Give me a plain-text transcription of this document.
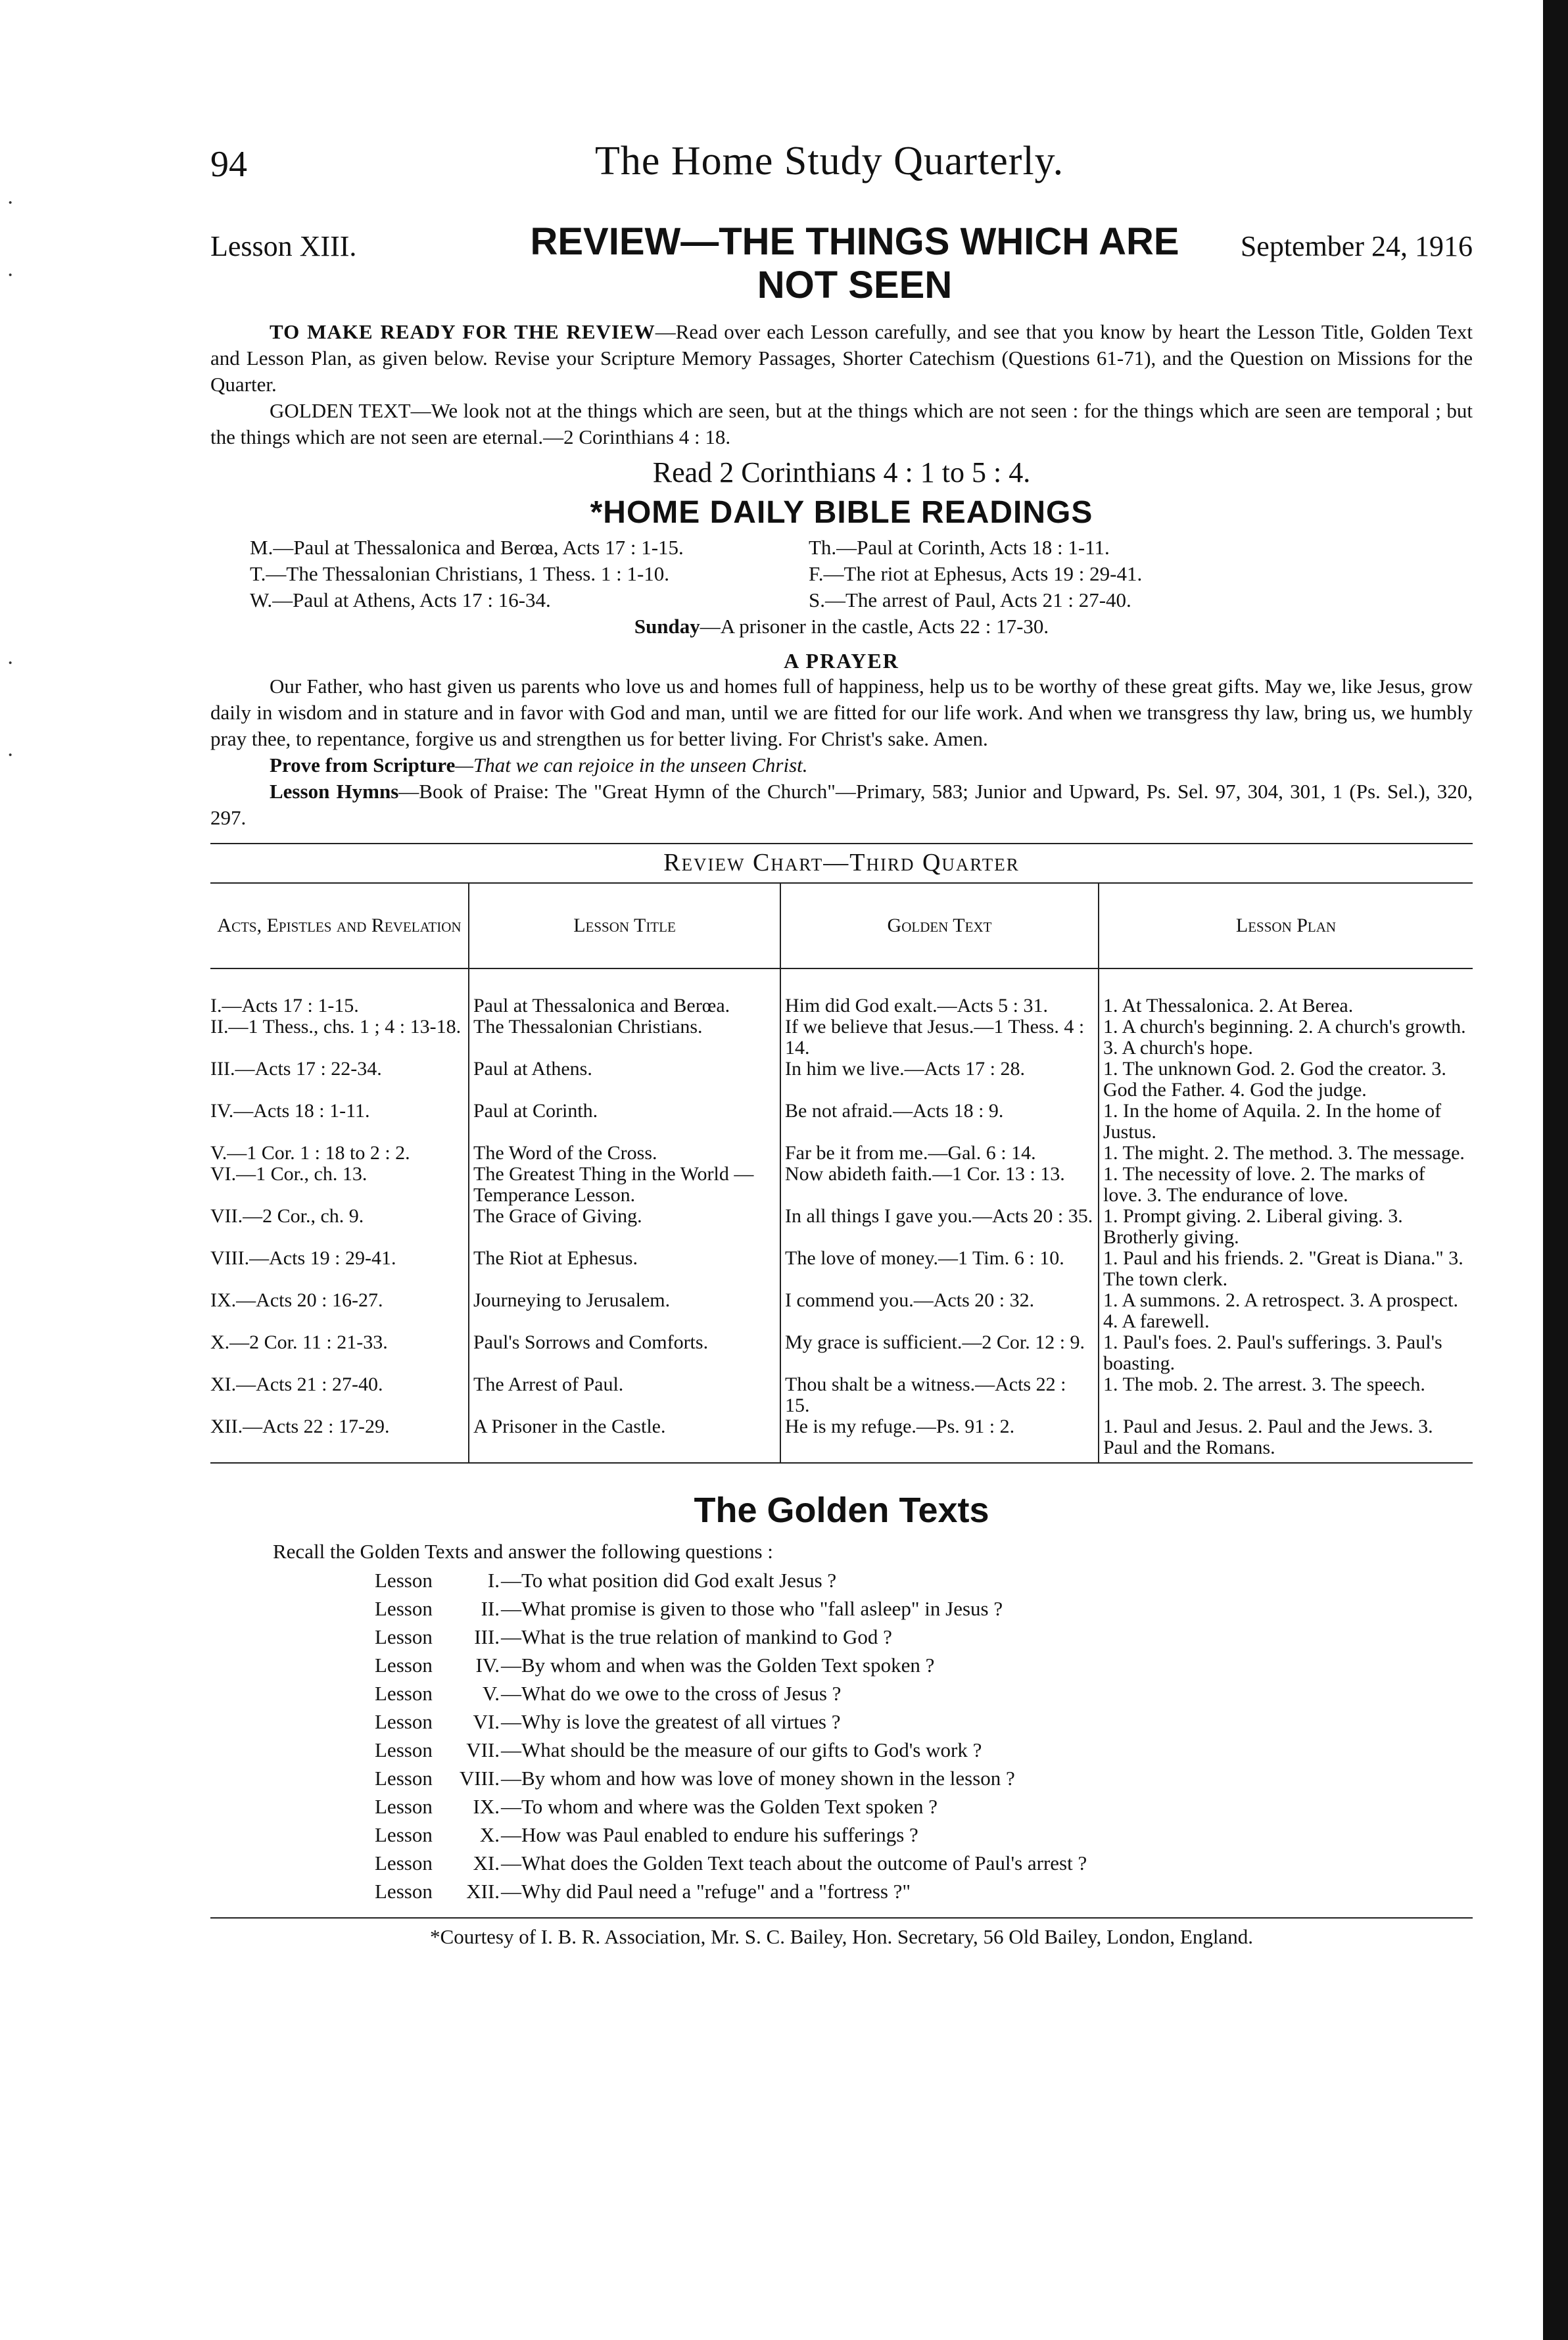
·
·
·
·
94	The Home Study Quarterly.
Lesson XIII.	REVIEW—THE THINGS WHICH ARE NOT SEEN
September 24, 1916

TO MAKE READY FOR THE REVIEW—Read over each Lesson carefully, and see that you know by heart the Lesson Title, Golden Text and Lesson Plan, as given below. Revise your Scripture Memory Passages, Shorter Catechism (Questions 61-71), and the Question on Missions for the Quarter.

GOLDEN TEXT—We look not at the things which are seen, but at the things which are not seen : for the things which are seen are temporal ; but the things which are not seen are eternal.—2 Corinthians 4 : 18.

Read 2 Corinthians 4 : 1 to 5 : 4.
*HOME DAILY BIBLE READINGS
M.—Paul at Thessalonica and Berœa, Acts 17 : 1-15.	Th.—Paul at Corinth, Acts 18 : 1-11.
T.—The Thessalonian Christians, 1 Thess. 1 : 1-10.	F.—The riot at Ephesus, Acts 19 : 29-41.
W.—Paul at Athens, Acts 17 : 16-34.	S.—The arrest of Paul, Acts 21 : 27-40.
Sunday—A prisoner in the castle, Acts 22 : 17-30.
A PRAYER

Our Father, who hast given us parents who love us and homes full of happiness, help us to be worthy of these great gifts. May we, like Jesus, grow daily in wisdom and in stature and in favor with God and man, until we are fitted for our life work. And when we transgress thy law, bring us, we humbly pray thee, to repentance, forgive us and strengthen us for better living. For Christ's sake. Amen.

Prove from Scripture—That we can rejoice in the unseen Christ.

Lesson Hymns—Book of Praise: The "Great Hymn of the Church"—Primary, 583; Junior and Upward, Ps. Sel. 97, 304, 301, 1 (Ps. Sel.), 320, 297.

Review Chart—Third Quarter
Acts, Epistles and Revelation	Lesson Title	Golden Text	Lesson Plan

I.—Acts 17 : 1-15.	Paul at Thessalonica and Berœa.	Him did God exalt.—Acts 5 : 31.	1. At Thessalonica. 2. At Berea.
II.—1 Thess., chs. 1 ; 4 : 13-18.	The Thessalonian Christians.	If we believe that Jesus.—1 Thess. 4 : 14.	1. A church's beginning. 2. A church's growth. 3. A church's hope.
III.—Acts 17 : 22-34.	Paul at Athens.	In him we live.—Acts 17 : 28.	1. The unknown God. 2. God the creator. 3. God the Father. 4. God the judge.
IV.—Acts 18 : 1-11.	Paul at Corinth.	Be not afraid.—Acts 18 : 9.	1. In the home of Aquila. 2. In the home of Justus.
V.—1 Cor. 1 : 18 to 2 : 2.	The Word of the Cross.	Far be it from me.—Gal. 6 : 14.	1. The might. 2. The method. 3. The message.
VI.—1 Cor., ch. 13.	The Greatest Thing in the World — Temperance Lesson.	Now abideth faith.—1 Cor. 13 : 13.	1. The necessity of love. 2. The marks of love. 3. The endurance of love.
VII.—2 Cor., ch. 9.	The Grace of Giving.	In all things I gave you.—Acts 20 : 35.	1. Prompt giving. 2. Liberal giving. 3. Brotherly giving.
VIII.—Acts 19 : 29-41.	The Riot at Ephesus.	The love of money.—1 Tim. 6 : 10.	1. Paul and his friends. 2. "Great is Diana." 3. The town clerk.
IX.—Acts 20 : 16-27.	Journeying to Jerusalem.	I commend you.—Acts 20 : 32.	1. A summons. 2. A retrospect. 3. A prospect. 4. A farewell.
X.—2 Cor. 11 : 21-33.	Paul's Sorrows and Comforts.	My grace is sufficient.—2 Cor. 12 : 9.	1. Paul's foes. 2. Paul's sufferings. 3. Paul's boasting.
XI.—Acts 21 : 27-40.	The Arrest of Paul.	Thou shalt be a witness.—Acts 22 : 15.	1. The mob. 2. The arrest. 3. The speech.
XII.—Acts 22 : 17-29.	A Prisoner in the Castle.	He is my refuge.—Ps. 91 : 2.	1. Paul and Jesus. 2. Paul and the Jews. 3. Paul and the Romans.
The Golden Texts
Recall the Golden Texts and answer the following questions :
Lesson	I. —To what position did God exalt Jesus ?
Lesson	II. —What promise is given to those who "fall asleep" in Jesus ?
Lesson	III. —What is the true relation of mankind to God ?
Lesson	IV. —By whom and when was the Golden Text spoken ?
Lesson	V. —What do we owe to the cross of Jesus ?
Lesson	VI. —Why is love the greatest of all virtues ?
Lesson	VII. —What should be the measure of our gifts to God's work ?
Lesson	VIII. —By whom and how was love of money shown in the lesson ?
Lesson	IX. —To whom and where was the Golden Text spoken ?
Lesson	X. —How was Paul enabled to endure his sufferings ?
Lesson	XI. —What does the Golden Text teach about the outcome of Paul's arrest ?
Lesson	XII. —Why did Paul need a "refuge" and a "fortress ?"
*Courtesy of I. B. R. Association, Mr. S. C. Bailey, Hon. Secretary, 56 Old Bailey, London, England.
